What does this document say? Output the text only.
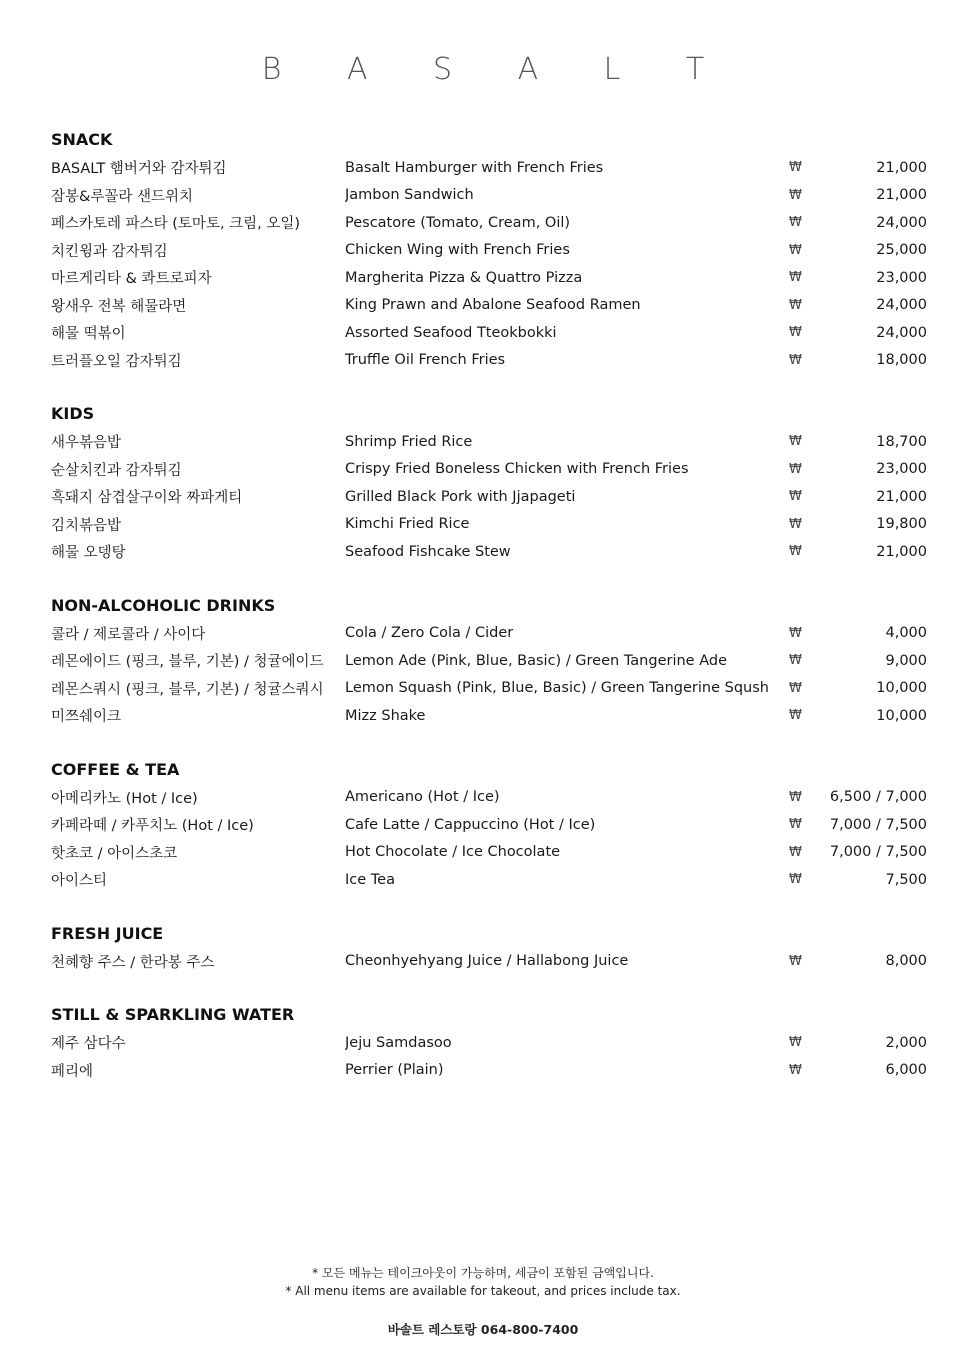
B A S A L T
SNACK
BASALT 햄버거와 감자튀김	Basalt Hamburger with French Fries	₩	21,000
잠봉&루꼴라 샌드위치	Jambon Sandwich	₩	21,000
페스카토레 파스타 (토마토, 크림, 오일)	Pescatore (Tomato, Cream, Oil)	₩	24,000
치킨윙과 감자튀김	Chicken Wing with French Fries	₩	25,000
마르게리타 & 콰트로피자	Margherita Pizza & Quattro Pizza	₩	23,000
왕새우 전복 해물라면	King Prawn and Abalone Seafood Ramen	₩	24,000
해물 떡볶이	Assorted Seafood Tteokbokki	₩	24,000
트러플오일 감자튀김	Truffle Oil French Fries	₩	18,000
KIDS
새우볶음밥	Shrimp Fried Rice	₩	18,700
순살치킨과 감자튀김	Crispy Fried Boneless Chicken with French Fries	₩	23,000
흑돼지 삼겹살구이와 짜파게티	Grilled Black Pork with Jjapageti	₩	21,000
김치볶음밥	Kimchi Fried Rice	₩	19,800
해물 오뎅탕	Seafood Fishcake Stew	₩	21,000
NON-ALCOHOLIC DRINKS
콜라 / 제로콜라 / 사이다	Cola / Zero Cola / Cider	₩	4,000
레몬에이드 (핑크, 블루, 기본) / 청귤에이드	Lemon Ade (Pink, Blue, Basic) / Green Tangerine Ade	₩	9,000
레몬스쿼시 (핑크, 블루, 기본) / 청귤스쿼시	Lemon Squash (Pink, Blue, Basic) / Green Tangerine Sqush	₩	10,000
미쯔쉐이크	Mizz Shake	₩	10,000
COFFEE & TEA
아메리카노 (Hot / Ice)	Americano (Hot / Ice)	₩	6,500 / 7,000
카페라떼 / 카푸치노 (Hot / Ice)	Cafe Latte / Cappuccino (Hot / Ice)	₩	7,000 / 7,500
핫초코 / 아이스초코	Hot Chocolate / Ice Chocolate	₩	7,000 / 7,500
아이스티	Ice Tea	₩	7,500
FRESH JUICE
천혜향 주스 / 한라봉 주스	Cheonhyehyang Juice / Hallabong Juice	₩	8,000
STILL & SPARKLING WATER
제주 삼다수	Jeju Samdasoo	₩	2,000
페리에	Perrier (Plain)	₩	6,000
* 모든 메뉴는 테이크아웃이 가능하며, 세금이 포함된 금액입니다.
* All menu items are available for takeout, and prices include tax.
바솔트 레스토랑 064-800-7400
